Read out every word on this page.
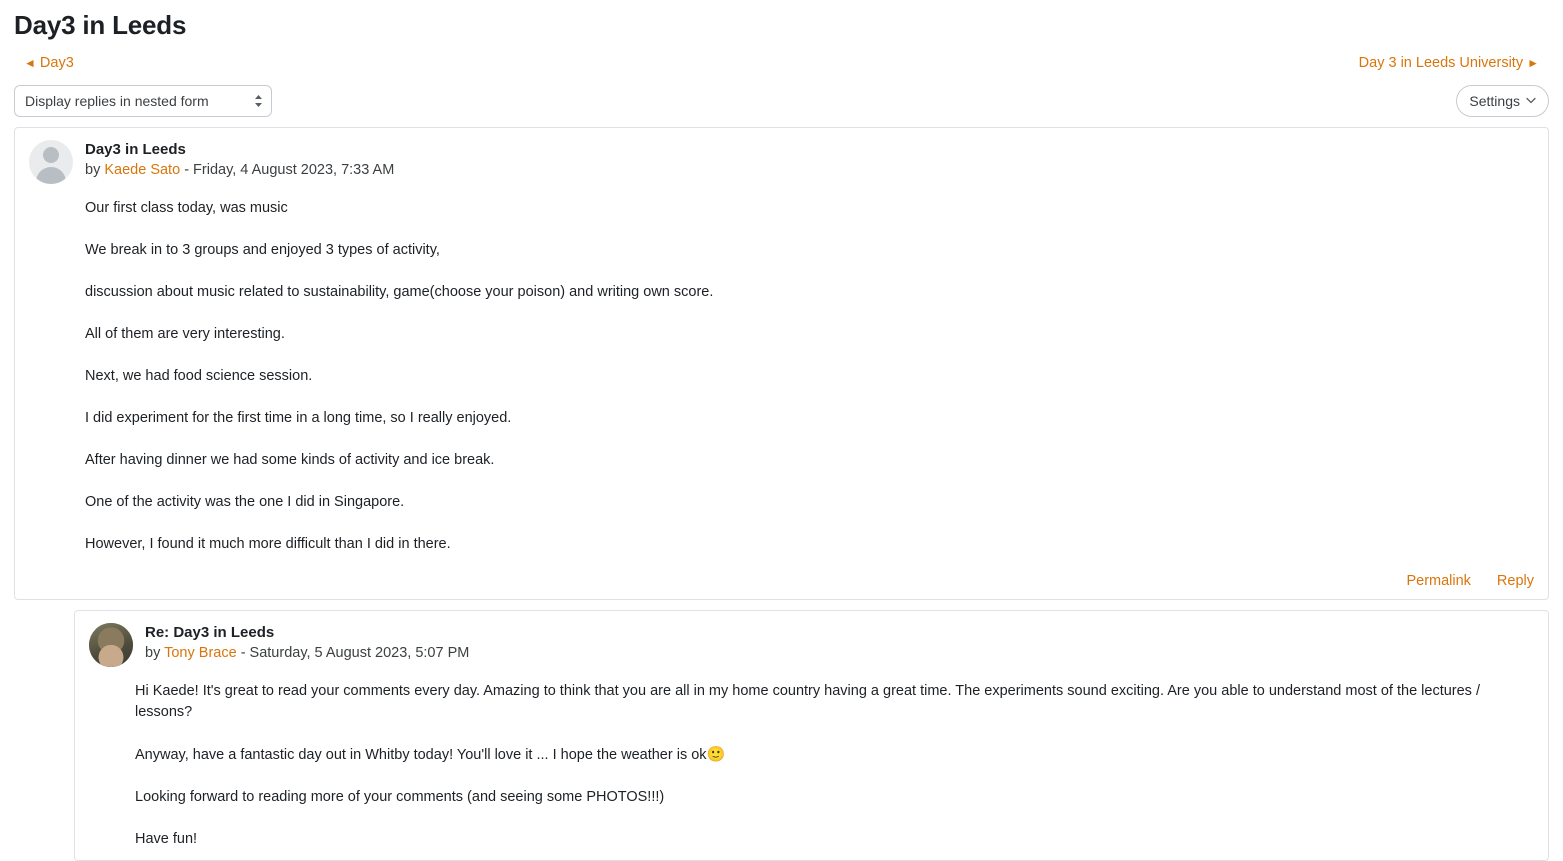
Day3 in Leeds
◄ Day3	Day 3 in Leeds University ►
Display replies in nested form
Settings
Day3 in Leeds
by Kaede Sato - Friday, 4 August 2023, 7:33 AM

Our first class today, was music

We break in to 3 groups and enjoyed 3 types of activity,

discussion about music related to sustainability, game(choose your poison) and writing own score.

All of them are very interesting.

Next, we had food science session.

I did experiment for the first time in a long time, so I really enjoyed.

After having dinner we had some kinds of activity and ice break.

One of the activity was the one I did in Singapore.

However, I found it much more difficult than I did in there.

Permalink Reply
Re: Day3 in Leeds
by Tony Brace - Saturday, 5 August 2023, 5:07 PM

Hi Kaede! It's great to read your comments every day. Amazing to think that you are all in my home country having a great time. The experiments sound exciting. Are you able to understand most of the lectures / lessons?

Anyway, have a fantastic day out in Whitby today! You'll love it ... I hope the weather is ok🙂

Looking forward to reading more of your comments (and seeing some PHOTOS!!!)

Have fun!
